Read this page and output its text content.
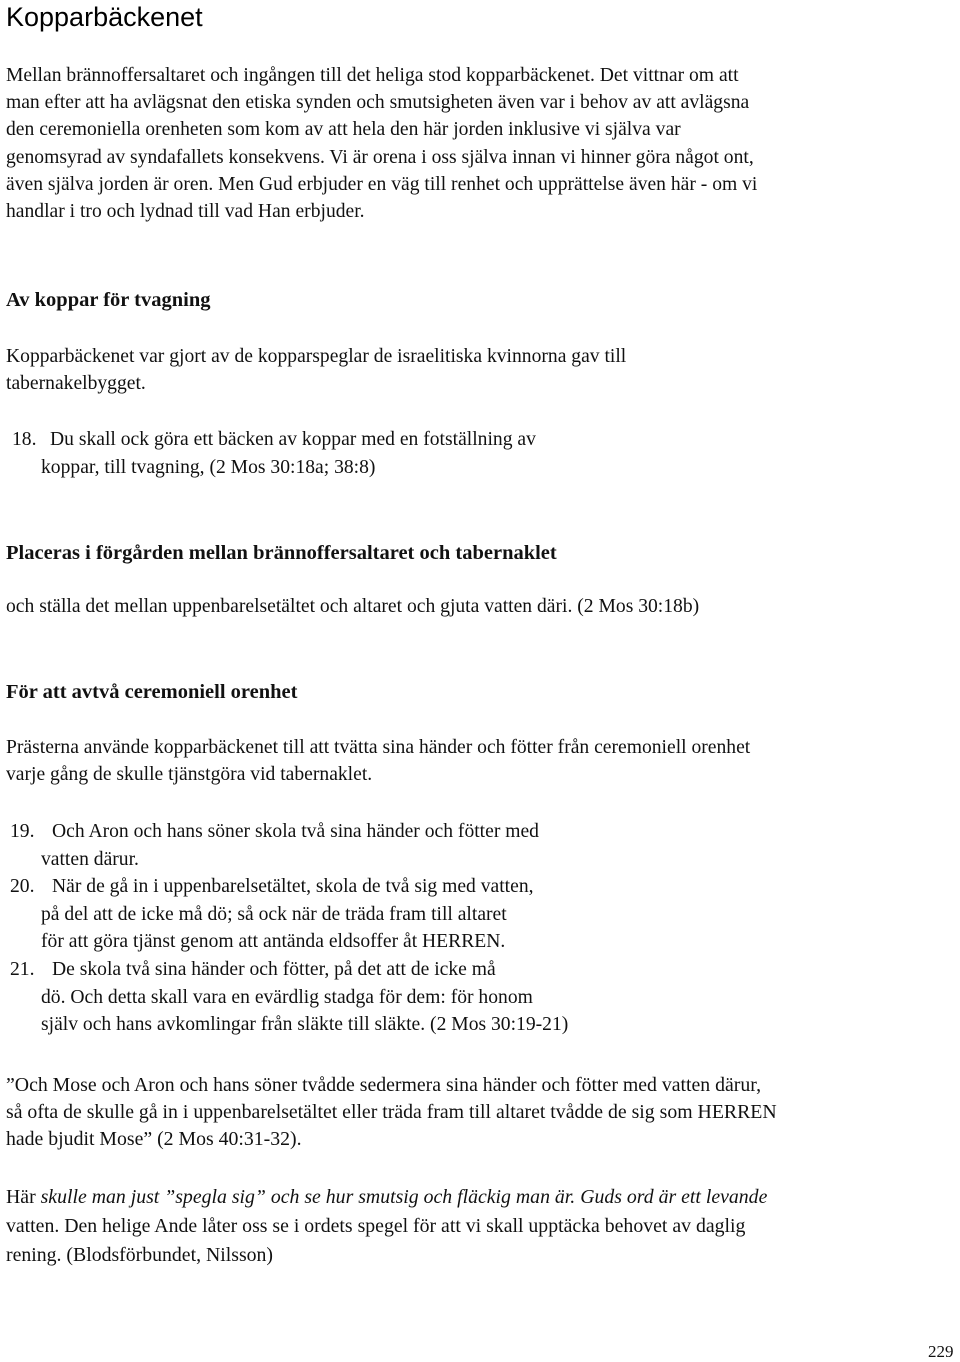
Kopparbäckenet
Mellan brännoffersaltaret och ingången till det heliga stod kopparbäckenet. Det vittnar om att
man efter att ha avlägsnat den etiska synden och smutsigheten även var i behov av att avlägsna
den ceremoniella orenheten som kom av att hela den här jorden inklusive vi själva var
genomsyrad av syndafallets konsekvens. Vi är orena i oss själva innan vi hinner göra något ont,
även själva jorden är oren. Men Gud erbjuder en väg till renhet och upprättelse även här - om vi
handlar i tro och lydnad till vad Han erbjuder.
Av koppar för tvagning
Kopparbäckenet var gjort av de kopparspeglar de israelitiska kvinnorna gav till
tabernakelbygget.
18. Du skall ock göra ett bäcken av koppar med en fotställning av
koppar, till tvagning, (2 Mos 30:18a; 38:8)
Placeras i förgården mellan brännoffersaltaret och tabernaklet
och ställa det mellan uppenbarelsetältet och altaret och gjuta vatten däri. (2 Mos 30:18b)
För att avtvå ceremoniell orenhet
Prästerna använde kopparbäckenet till att tvätta sina händer och fötter från ceremoniell orenhet
varje gång de skulle tjänstgöra vid tabernaklet.
19. Och Aron och hans söner skola två sina händer och fötter med
vatten därur.
20. När de gå in i uppenbarelsetältet, skola de två sig med vatten,
på del att de icke må dö; så ock när de träda fram till altaret
för att göra tjänst genom att antända eldsoffer åt HERREN.
21. De skola två sina händer och fötter, på det att de icke må
dö. Och detta skall vara en evärdlig stadga för dem: för honom
själv och hans avkomlingar från släkte till släkte. (2 Mos 30:19-21)
”Och Mose och Aron och hans söner tvådde sedermera sina händer och fötter med vatten därur,
så ofta de skulle gå in i uppenbarelsetältet eller träda fram till altaret tvådde de sig som HERREN
hade bjudit Mose” (2 Mos 40:31-32).
Här skulle man just ”spegla sig” och se hur smutsig och fläckig man är. Guds ord är ett levande
vatten. Den helige Ande låter oss se i ordets spegel för att vi skall upptäcka behovet av daglig
rening. (Blodsförbundet, Nilsson)
229
